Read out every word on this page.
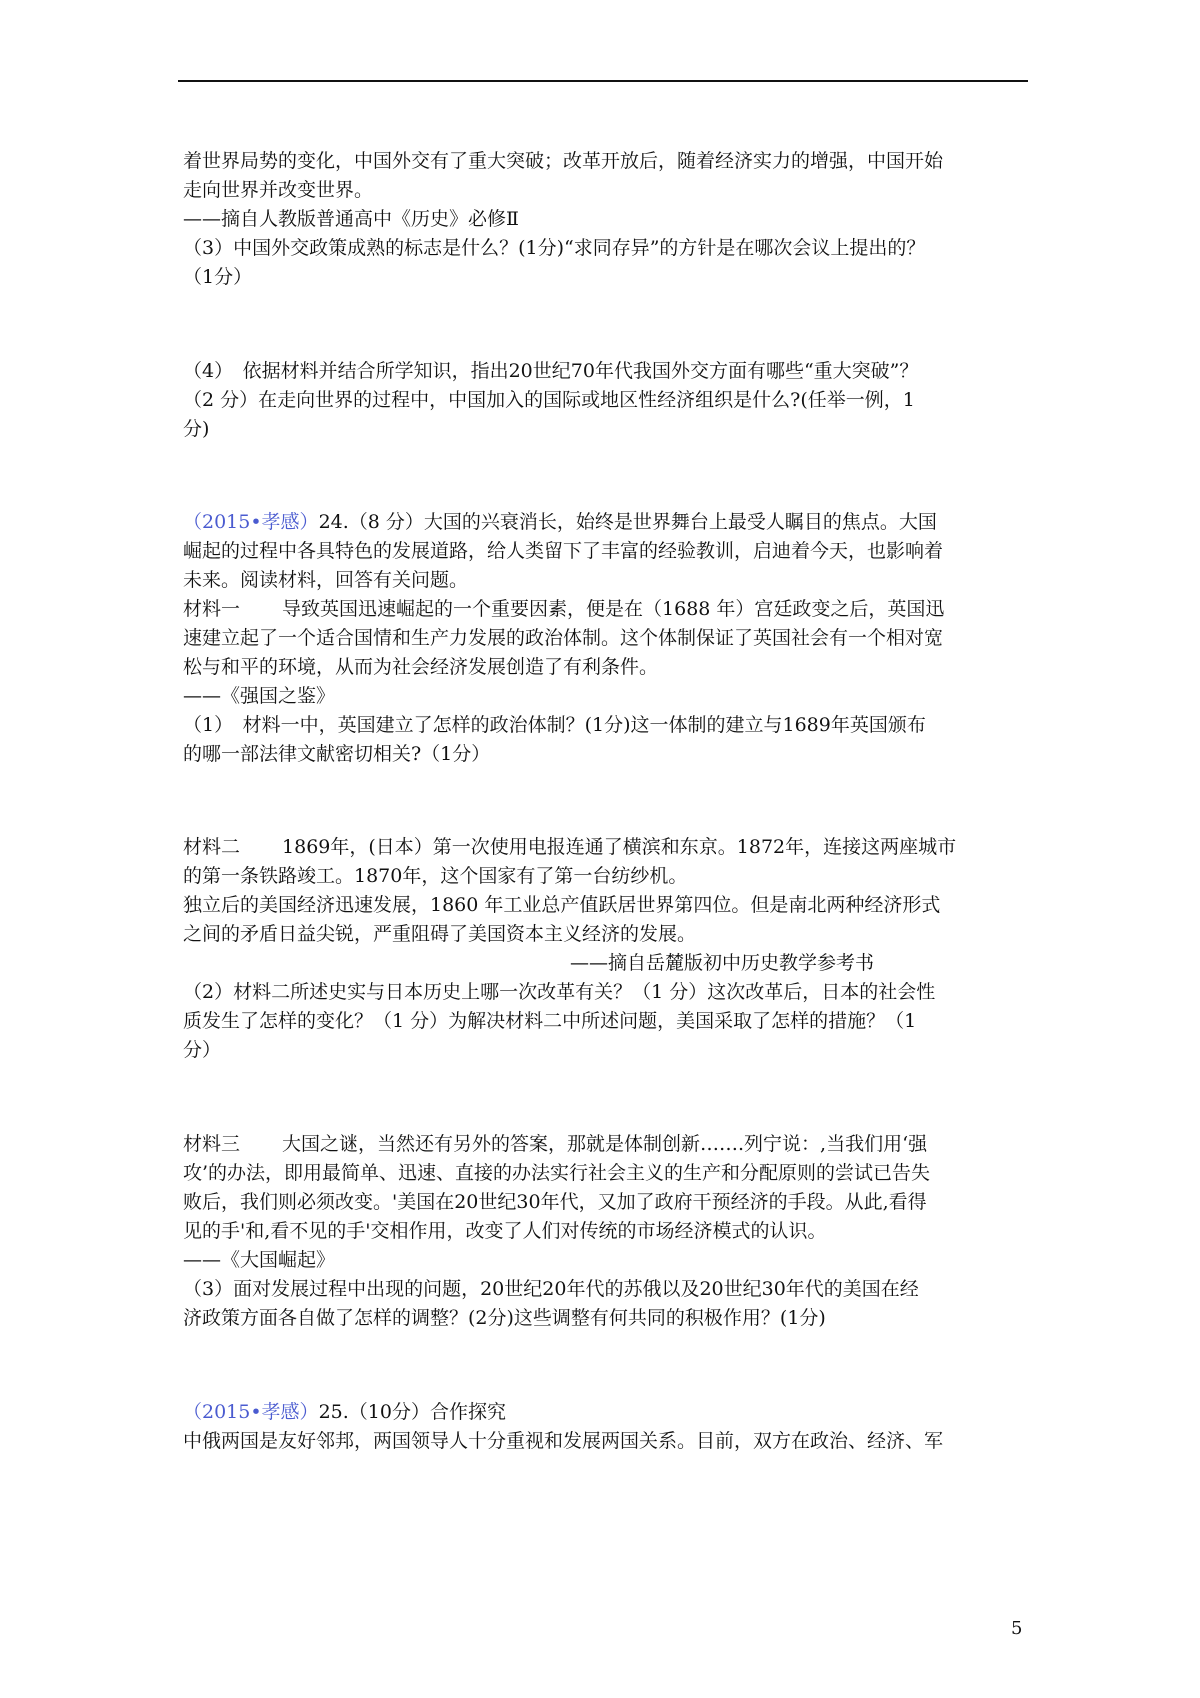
着世界局势的变化，中国外交有了重大突破；改革开放后，随着经济实力的增强，中国开始
走向世界并改变世界。
——摘自人教版普通高中《历史》必修Ⅱ
（3）中国外交政策成熟的标志是什么？(1分)“求同存异”的方针是在哪次会议上提出的？
（1分）
（4）　依据材料并结合所学知识，指出20世纪70年代我国外交方面有哪些“重大突破”？
（2 分）在走向世界的过程中，中国加入的国际或地区性经济组织是什么?(任举一例，1
分)
（2015•孝感）24.（8 分）大国的兴衰消长，始终是世界舞台上最受人瞩目的焦点。大国
崛起的过程中各具特色的发展道路，给人类留下了丰富的经验教训，启迪着今天，也影响着
未来。阅读材料，回答有关问题。
材料一 导致英国迅速崛起的一个重要因素，便是在（1688 年）宫廷政变之后，英国迅
速建立起了一个适合国情和生产力发展的政治体制。这个体制保证了英国社会有一个相对宽
松与和平的环境，从而为社会经济发展创造了有利条件。
——《强国之鉴》
（1）　材料一中，英国建立了怎样的政治体制？(1分)这一体制的建立与1689年英国颁布
的哪一部法律文献密切相关?（1分）
材料二 1869年，(日本）第一次使用电报连通了横滨和东京。1872年，连接这两座城市
的第一条铁路竣工。1870年，这个国家有了第一台纺纱机。
独立后的美国经济迅速发展，1860 年工业总产值跃居世界第四位。但是南北两种经济形式
之间的矛盾日益尖锐，严重阻碍了美国资本主义经济的发展。
——摘自岳麓版初中历史教学参考书
（2）材料二所述史实与日本历史上哪一次改革有关？（1 分）这次改革后，日本的社会性
质发生了怎样的变化？（1 分）为解决材料二中所述问题，美国采取了怎样的措施？（1
分）
材料三 大国之谜，当然还有另外的答案，那就是体制创新…….列宁说：,当我们用‘强
攻’的办法，即用最简单、迅速、直接的办法实行社会主义的生产和分配原则的尝试已告失
败后，我们则必须改变。'美国在20世纪30年代，又加了政府干预经济的手段。从此,看得
见的手'和,看不见的手'交相作用，改变了人们对传统的市场经济模式的认识。
——《大国崛起》
（3）面对发展过程中出现的问题，20世纪20年代的苏俄以及20世纪30年代的美国在经
济政策方面各自做了怎样的调整？(2分)这些调整有何共同的积极作用？(1分)
（2015•孝感）25.（10分）合作探究
中俄两国是友好邻邦，两国领导人十分重视和发展两国关系。目前，双方在政治、经济、军
5
